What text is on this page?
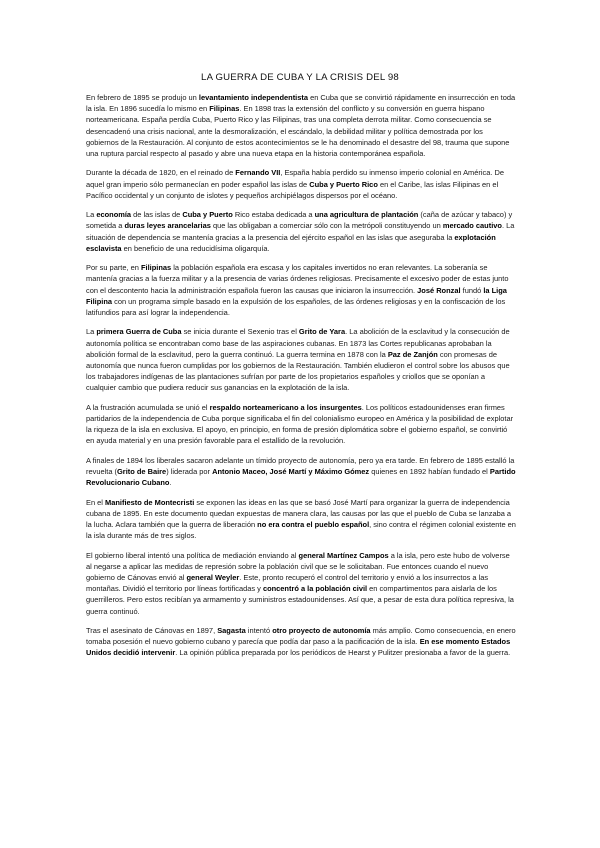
LA GUERRA DE CUBA Y LA CRISIS DEL 98

En febrero de 1895 se produjo un levantamiento independentista en Cuba que se convirtió rápidamente en insurrección en toda la isla. En 1896 sucedía lo mismo en Filipinas. En 1898 tras la extensión del conflicto y su conversión en guerra hispano norteamericana. España perdía Cuba, Puerto Rico y las Filipinas, tras una completa derrota militar. Como consecuencia se desencadenó una crisis nacional, ante la desmoralización, el escándalo, la debilidad militar y política demostrada por los gobiernos de la Restauración. Al conjunto de estos acontecimientos se le ha denominado el desastre del 98, trauma que supone una ruptura parcial respecto al pasado y abre una nueva etapa en la historia contemporánea española.

Durante la década de 1820, en el reinado de Fernando VII, España había perdido su inmenso imperio colonial en América. De aquel gran imperio sólo permanecían en poder español las islas de Cuba y Puerto Rico en el Caribe, las islas Filipinas en el Pacífico occidental y un conjunto de islotes y pequeños archipiélagos dispersos por el océano.

La economía de las islas de Cuba y Puerto Rico estaba dedicada a una agricultura de plantación (caña de azúcar y tabaco) y sometida a duras leyes arancelarias que las obligaban a comerciar sólo con la metrópoli constituyendo un mercado cautivo. La situación de dependencia se mantenía gracias a la presencia del ejército español en las islas que aseguraba la explotación esclavista en beneficio de una reducidísima oligarquía.

Por su parte, en Filipinas la población española era escasa y los capitales invertidos no eran relevantes. La soberanía se mantenía gracias a la fuerza militar y a la presencia de varias órdenes religiosas. Precisamente el excesivo poder de estas junto con el descontento hacia la administración española fueron las causas que iniciaron la insurrección. José Ronzal fundó la Liga Filipina con un programa simple basado en la expulsión de los españoles, de las órdenes religiosas y en la confiscación de los latifundios para así lograr la independencia.

La primera Guerra de Cuba se inicia durante el Sexenio tras el Grito de Yara. La abolición de la esclavitud y la consecución de autonomía política se encontraban como base de las aspiraciones cubanas. En 1873 las Cortes republicanas aprobaban la abolición formal de la esclavitud, pero la guerra continuó. La guerra termina en 1878 con la Paz de Zanjón con promesas de autonomía que nunca fueron cumplidas por los gobiernos de la Restauración. También eludieron el control sobre los abusos que los trabajadores indígenas de las plantaciones sufrían por parte de los propietarios españoles y criollos que se oponían a cualquier cambio que pudiera reducir sus ganancias en la explotación de la isla.

A la frustración acumulada se unió el respaldo norteamericano a los insurgentes. Los políticos estadounidenses eran firmes partidarios de la independencia de Cuba porque significaba el fin del colonialismo europeo en América y la posibilidad de explotar la riqueza de la isla en exclusiva. El apoyo, en principio, en forma de presión diplomática sobre el gobierno español, se convirtió en ayuda material y en una presión favorable para el estallido de la revolución.

A finales de 1894 los liberales sacaron adelante un tímido proyecto de autonomía, pero ya era tarde. En febrero de 1895 estalló la revuelta (Grito de Baire) liderada por Antonio Maceo, José Martí y Máximo Gómez quienes en 1892 habían fundado el Partido Revolucionario Cubano.

En el Manifiesto de Montecristi se exponen las ideas en las que se basó José Martí para organizar la guerra de independencia cubana de 1895. En este documento quedan expuestas de manera clara, las causas por las que el pueblo de Cuba se lanzaba a la lucha. Aclara también que la guerra de liberación no era contra el pueblo español, sino contra el régimen colonial existente en la isla durante más de tres siglos.

El gobierno liberal intentó una política de mediación enviando al general Martínez Campos a la isla, pero este hubo de volverse al negarse a aplicar las medidas de represión sobre la población civil que se le solicitaban. Fue entonces cuando el nuevo gobierno de Cánovas envió al general Weyler. Este, pronto recuperó el control del territorio y envió a los insurrectos a las montañas. Dividió el territorio por líneas fortificadas y concentró a la población civil en compartimentos para aislarla de los guerrilleros. Pero estos recibían ya armamento y suministros estadounidenses. Así que, a pesar de esta dura política represiva, la guerra continuó.

Tras el asesinato de Cánovas en 1897, Sagasta intentó otro proyecto de autonomía más amplio. Como consecuencia, en enero tomaba posesión el nuevo gobierno cubano y parecía que podía dar paso a la pacificación de la isla. En ese momento Estados Unidos decidió intervenir. La opinión pública preparada por los periódicos de Hearst y Pulitzer presionaba a favor de la guerra.
